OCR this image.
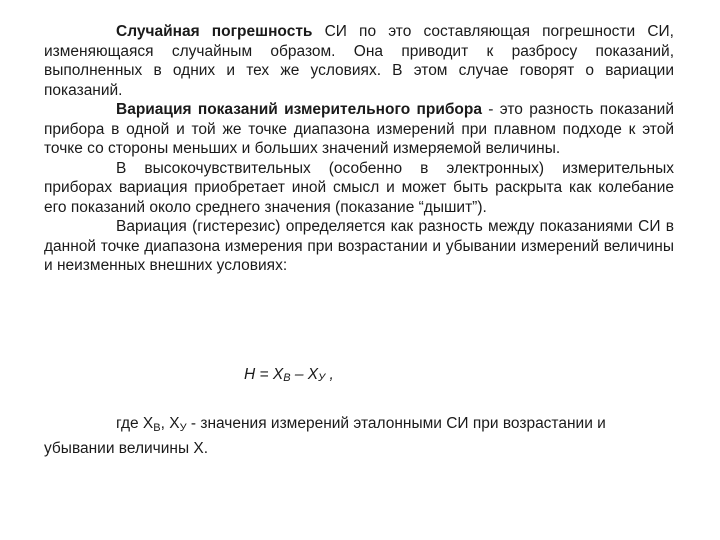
Случайная погрешность СИ по это составляющая погрешности СИ, изменяющаяся случайным образом. Она приводит к разбросу показаний, выполненных в одних и тех же условиях. В этом случае говорят о вариации показаний.

Вариация показаний измерительного прибора - это разность показаний прибора в одной и той же точке диапазона измерений при плавном подходе к этой точке со стороны меньших и больших значений измеряемой величины.

В высокочувствительных (особенно в электронных) измерительных приборах вариация приобретает иной смысл и может быть раскрыта как колебание его показаний около среднего значения (показание “дышит”).

Вариация (гистерезис) определяется как разность между показаниями СИ в данной точке диапазона измерения при возрастании и убывании измерений величины и неизменных внешних условиях:

$H = X_B - X_У$ ,

где $X_B$, $X_У$ - значения измерений эталонными СИ при возрастании и убывании величины Х.
